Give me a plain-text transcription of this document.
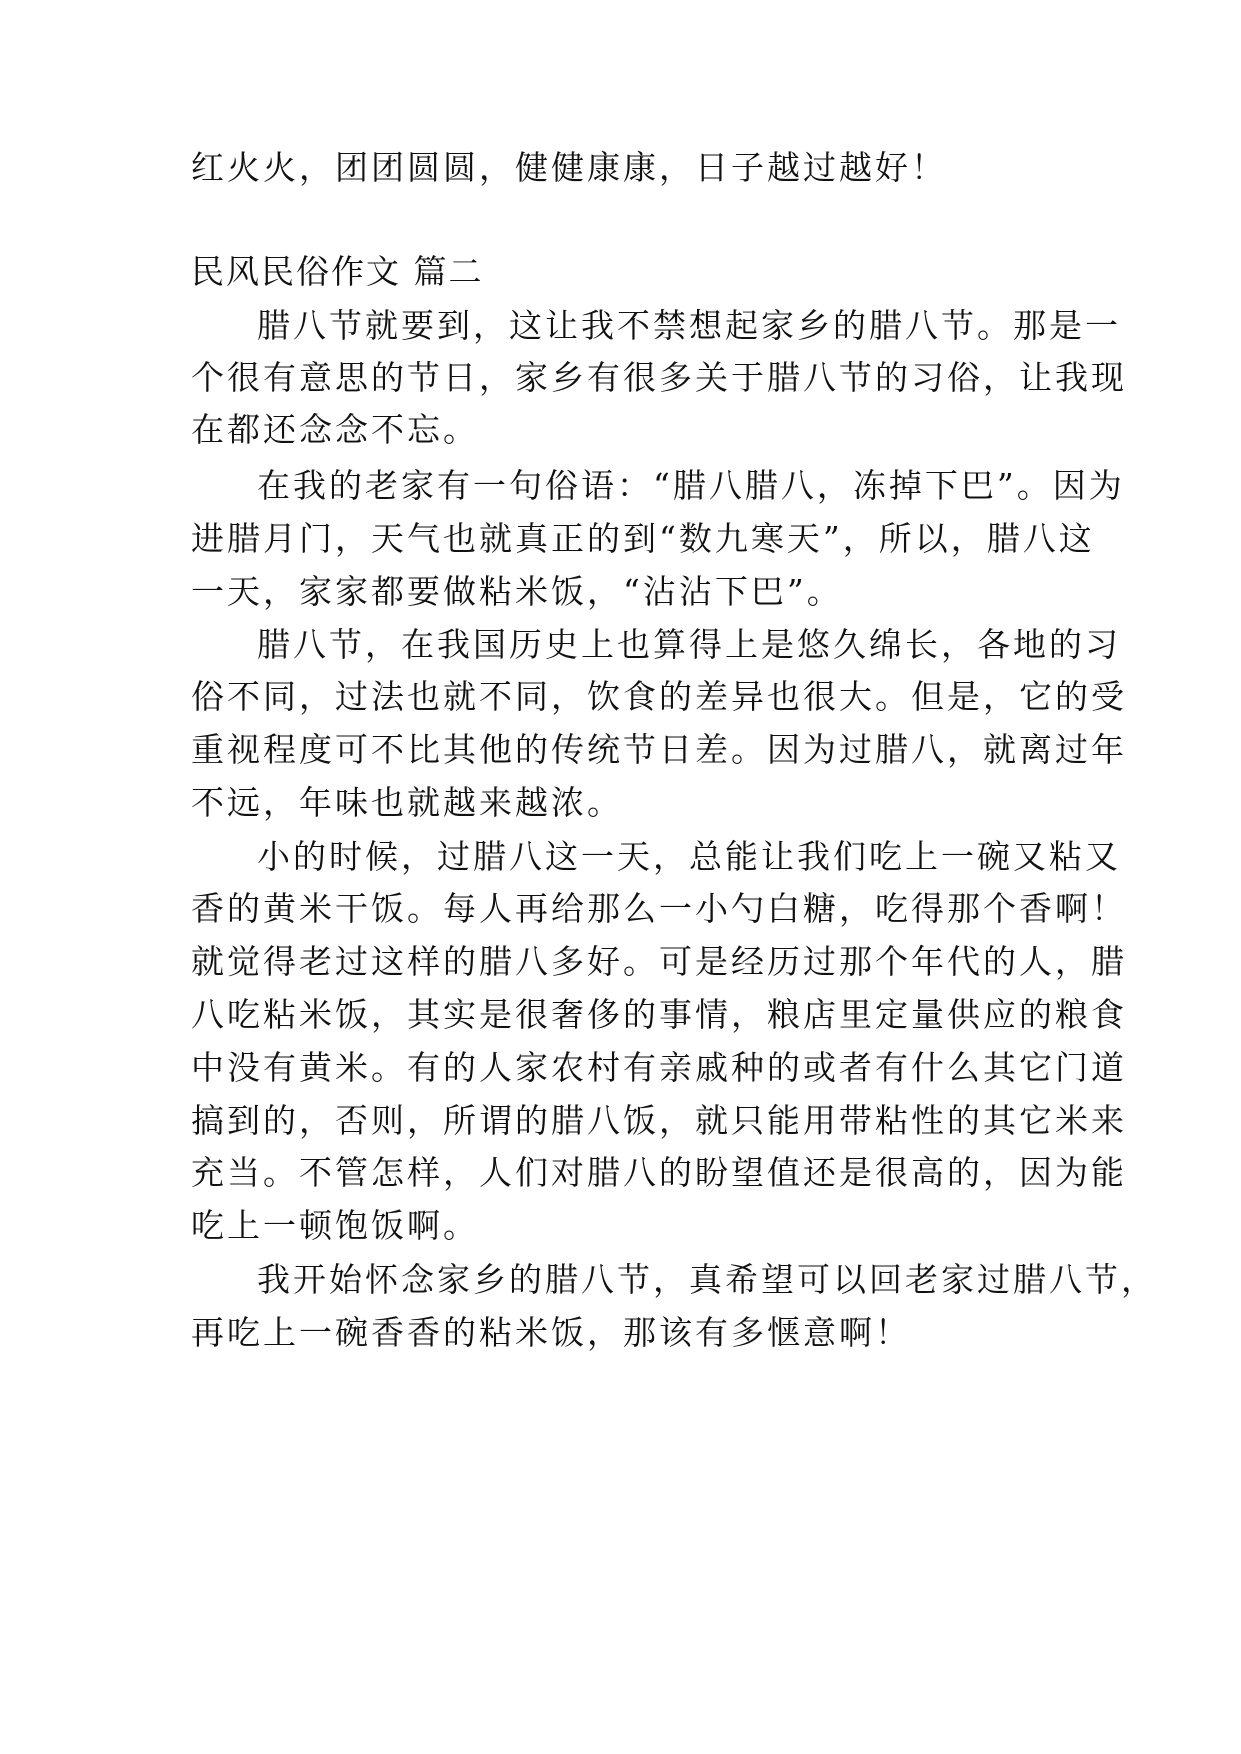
红火火，团团圆圆，健健康康，日子越过越好！

民风民俗作文 篇二

腊八节就要到，这让我不禁想起家乡的腊八节。那是一

个很有意思的节日，家乡有很多关于腊八节的习俗，让我现

在都还念念不忘。

在我的老家有一句俗语：“腊八腊八，冻掉下巴”。因为

进腊月门，天气也就真正的到“数九寒天”，所以，腊八这

一天，家家都要做粘米饭，“沾沾下巴”。

腊八节，在我国历史上也算得上是悠久绵长，各地的习

俗不同，过法也就不同，饮食的差异也很大。但是，它的受

重视程度可不比其他的传统节日差。因为过腊八，就离过年

不远，年味也就越来越浓。

小的时候，过腊八这一天，总能让我们吃上一碗又粘又

香的黄米干饭。每人再给那么一小勺白糖，吃得那个香啊！

就觉得老过这样的腊八多好。可是经历过那个年代的人，腊

八吃粘米饭，其实是很奢侈的事情，粮店里定量供应的粮食

中没有黄米。有的人家农村有亲戚种的或者有什么其它门道

搞到的，否则，所谓的腊八饭，就只能用带粘性的其它米来

充当。不管怎样，人们对腊八的盼望值还是很高的，因为能

吃上一顿饱饭啊。

我开始怀念家乡的腊八节，真希望可以回老家过腊八节，

再吃上一碗香香的粘米饭，那该有多惬意啊！
